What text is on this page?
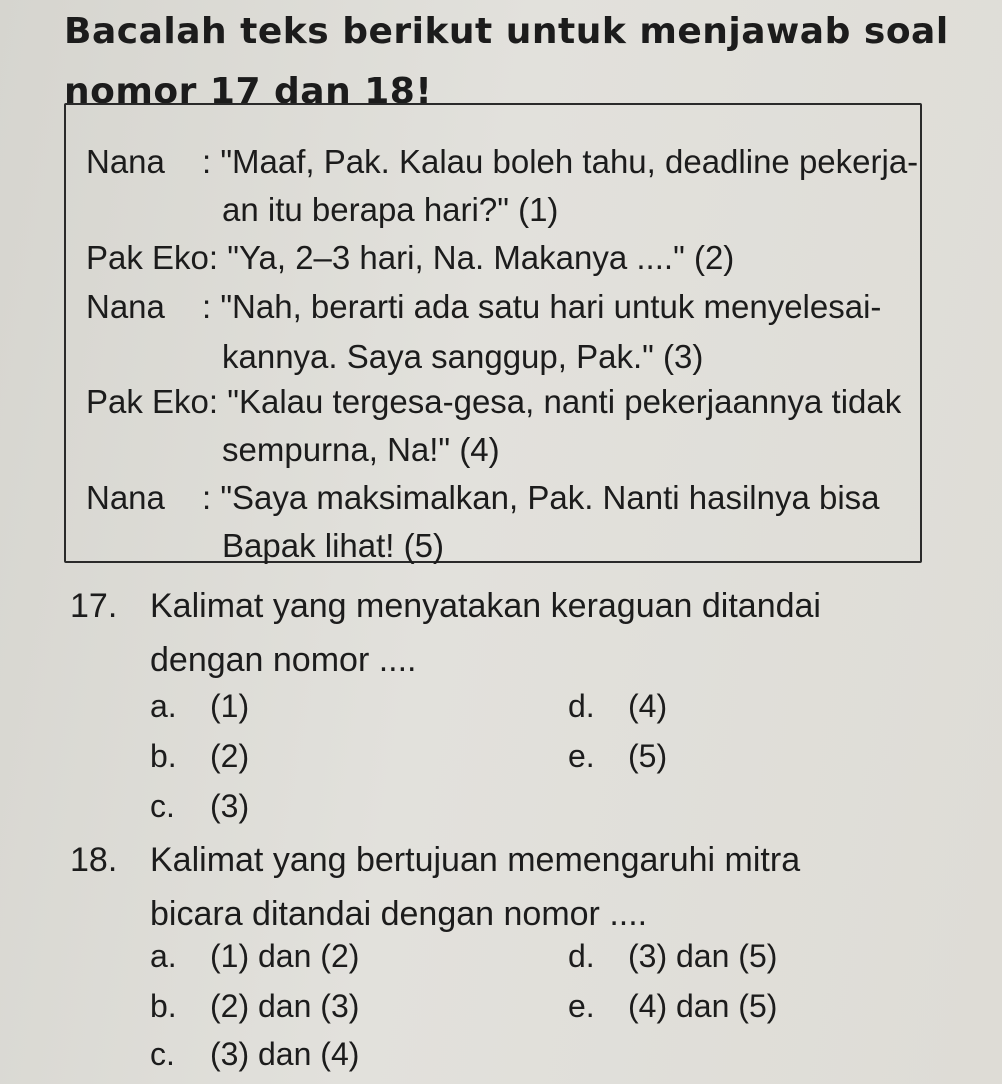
Bacalah teks berikut untuk menjawab soal nomor 17 dan 18!

Nana : "Maaf, Pak. Kalau boleh tahu, deadline pekerja-
an itu berapa hari?" (1)
Pak Eko: "Ya, 2–3 hari, Na. Makanya ...." (2)
Nana : "Nah, berarti ada satu hari untuk menyelesai-
kannya. Saya sanggup, Pak." (3)
Pak Eko: "Kalau tergesa-gesa, nanti pekerjaannya tidak
sempurna, Na!" (4)
Nana : "Saya maksimalkan, Pak. Nanti hasilnya bisa
Bapak lihat! (5)
17. Kalimat yang menyatakan keraguan ditandai
dengan nomor ....
a. (1)
b. (2)
c. (3)
d. (4)
e. (5)
18. Kalimat yang bertujuan memengaruhi mitra
bicara ditandai dengan nomor ....
a. (1) dan (2)
b. (2) dan (3)
c. (3) dan (4)
d. (3) dan (5)
e. (4) dan (5)
